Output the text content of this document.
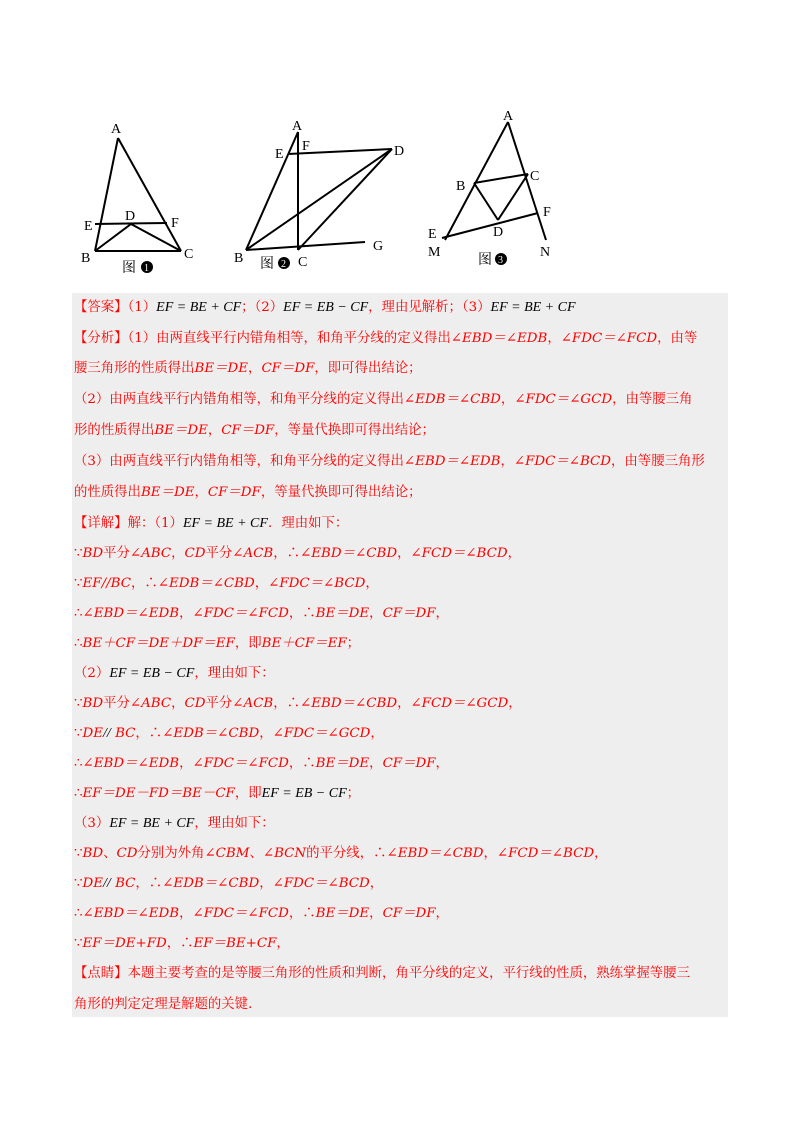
A
B	C
D
E	F
图 1
A
B	C
D
E
F
G
图 2
A
B
C
D
E
F
M	N
图 3
【答案】（1）EF = BE + CF；（2）EF = EB − CF，理由见解析；（3）EF = BE + CF
【分析】（1）由两直线平行内错角相等，和角平分线的定义得出∠EBD＝∠EDB，∠FDC＝∠FCD，由等
腰三角形的性质得出BE＝DE，CF＝DF，即可得出结论；
（2）由两直线平行内错角相等，和角平分线的定义得出∠EDB＝∠CBD，∠FDC＝∠GCD，由等腰三角
形的性质得出BE＝DE，CF＝DF，等量代换即可得出结论；
（3）由两直线平行内错角相等，和角平分线的定义得出∠EBD＝∠EDB，∠FDC＝∠BCD，由等腰三角形
的性质得出BE＝DE，CF＝DF，等量代换即可得出结论；
【详解】解：（1）EF = BE + CF．理由如下：
∵BD平分∠ABC，CD平分∠ACB，∴∠EBD＝∠CBD，∠FCD＝∠BCD，
∵EF//BC，∴∠EDB＝∠CBD，∠FDC＝∠BCD，
∴∠EBD＝∠EDB，∠FDC＝∠FCD，∴BE＝DE，CF＝DF，
∴BE＋CF＝DE＋DF＝EF，即BE＋CF＝EF；
（2）EF = EB − CF，理由如下：
∵BD平分∠ABC，CD平分∠ACB，∴∠EBD＝∠CBD，∠FCD＝∠GCD，
∵DE// BC，∴∠EDB＝∠CBD，∠FDC＝∠GCD，
∴∠EBD＝∠EDB，∠FDC＝∠FCD，∴BE＝DE，CF＝DF，
∴EF＝DE－FD＝BE－CF，即EF = EB − CF；
（3）EF = BE + CF，理由如下：
∵BD、CD分别为外角∠CBM、∠BCN的平分线，∴∠EBD＝∠CBD，∠FCD＝∠BCD，
∵DE// BC，∴∠EDB＝∠CBD，∠FDC＝∠BCD，
∴∠EBD＝∠EDB，∠FDC＝∠FCD，∴BE＝DE，CF＝DF，
∵EF＝DE+FD，∴EF＝BE+CF，
【点睛】本题主要考查的是等腰三角形的性质和判断，角平分线的定义，平行线的性质，熟练掌握等腰三
角形的判定定理是解题的关键．
